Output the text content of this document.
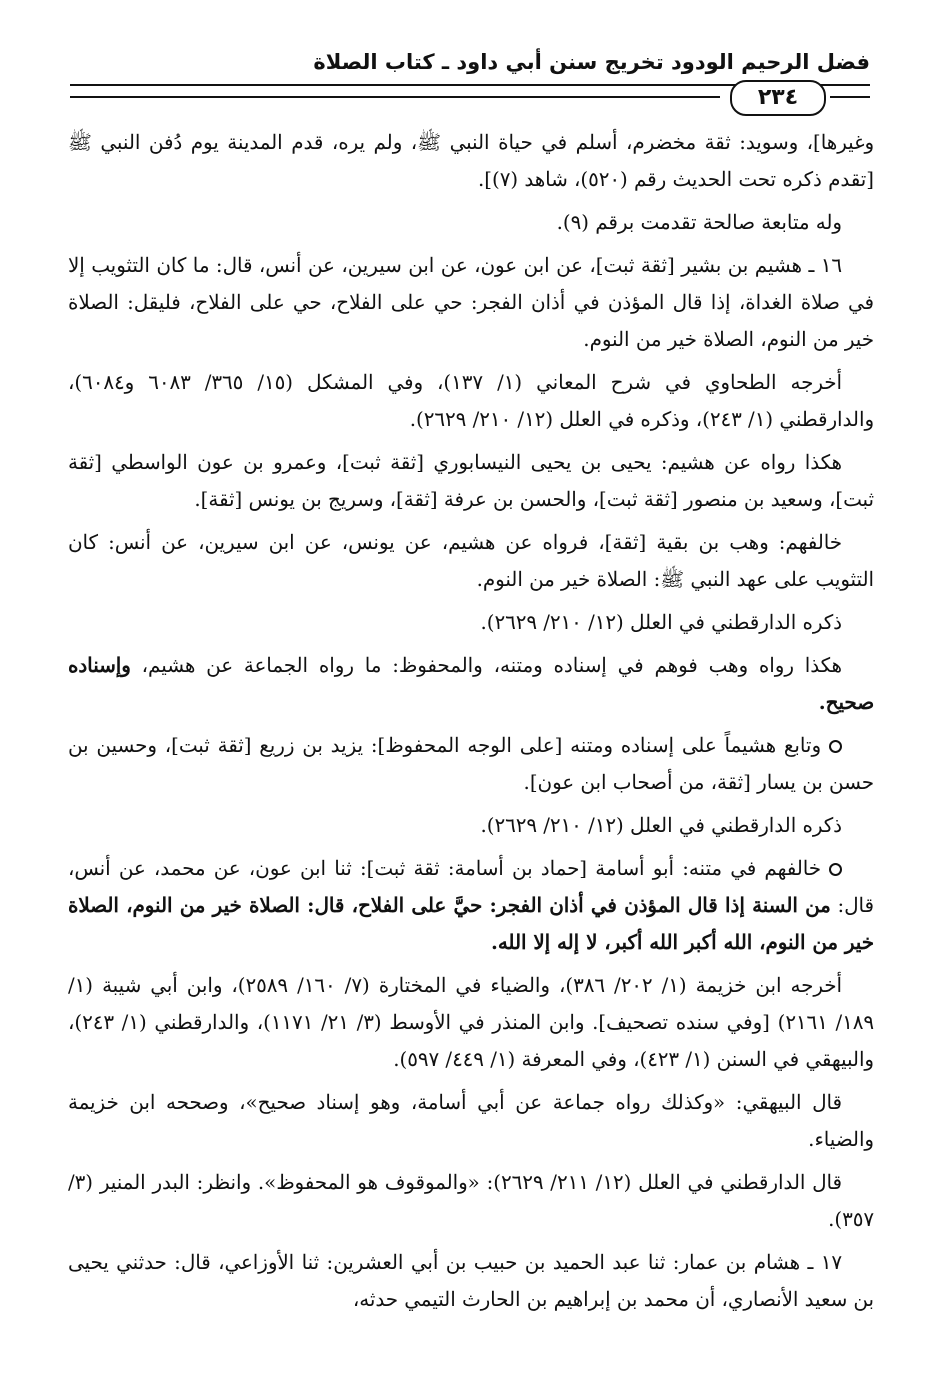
فضل الرحيم الودود تخريج سنن أبي داود ـ كتاب الصلاة
٢٣٤

وغيرها]، وسويد: ثقة مخضرم، أسلم في حياة النبي ﷺ، ولم يره، قدم المدينة يوم دُفن النبي ﷺ [تقدم ذكره تحت الحديث رقم (٥٢٠)، شاهد (٧)].

وله متابعة صالحة تقدمت برقم (٩).

١٦ ـ هشيم بن بشير [ثقة ثبت]، عن ابن عون، عن ابن سيرين، عن أنس، قال: ما كان التثويب إلا في صلاة الغداة، إذا قال المؤذن في أذان الفجر: حي على الفلاح، حي على الفلاح، فليقل: الصلاة خير من النوم، الصلاة خير من النوم.

أخرجه الطحاوي في شرح المعاني (١/ ١٣٧)، وفي المشكل (١٥/ ٣٦٥/ ٦٠٨٣ و٦٠٨٤)، والدارقطني (١/ ٢٤٣)، وذكره في العلل (١٢/ ٢١٠/ ٢٦٢٩).

هكذا رواه عن هشيم: يحيى بن يحيى النيسابوري [ثقة ثبت]، وعمرو بن عون الواسطي [ثقة ثبت]، وسعيد بن منصور [ثقة ثبت]، والحسن بن عرفة [ثقة]، وسريج بن يونس [ثقة].

خالفهم: وهب بن بقية [ثقة]، فرواه عن هشيم، عن يونس، عن ابن سيرين، عن أنس: كان التثويب على عهد النبي ﷺ: الصلاة خير من النوم.

ذكره الدارقطني في العلل (١٢/ ٢١٠/ ٢٦٢٩).

هكذا رواه وهب فوهم في إسناده ومتنه، والمحفوظ: ما رواه الجماعة عن هشيم، وإسناده صحيح.

وتابع هشيماً على إسناده ومتنه [على الوجه المحفوظ]: يزيد بن زريع [ثقة ثبت]، وحسين بن حسن بن يسار [ثقة، من أصحاب ابن عون].

ذكره الدارقطني في العلل (١٢/ ٢١٠/ ٢٦٢٩).

خالفهم في متنه: أبو أسامة [حماد بن أسامة: ثقة ثبت]: ثنا ابن عون، عن محمد، عن أنس، قال: من السنة إذا قال المؤذن في أذان الفجر: حيَّ على الفلاح، قال: الصلاة خير من النوم، الصلاة خير من النوم، الله أكبر الله أكبر، لا إله إلا الله.

أخرجه ابن خزيمة (١/ ٢٠٢/ ٣٨٦)، والضياء في المختارة (٧/ ١٦٠/ ٢٥٨٩)، وابن أبي شيبة (١/ ١٨٩/ ٢١٦١) [وفي سنده تصحيف]. وابن المنذر في الأوسط (٣/ ٢١/ ١١٧١)، والدارقطني (١/ ٢٤٣)، والبيهقي في السنن (١/ ٤٢٣)، وفي المعرفة (١/ ٤٤٩/ ٥٩٧).

قال البيهقي: «وكذلك رواه جماعة عن أبي أسامة، وهو إسناد صحيح»، وصححه ابن خزيمة والضياء.

قال الدارقطني في العلل (١٢/ ٢١١/ ٢٦٢٩): «والموقوف هو المحفوظ». وانظر: البدر المنير (٣/ ٣٥٧).

١٧ ـ هشام بن عمار: ثنا عبد الحميد بن حبيب بن أبي العشرين: ثنا الأوزاعي، قال: حدثني يحيى بن سعيد الأنصاري، أن محمد بن إبراهيم بن الحارث التيمي حدثه،
